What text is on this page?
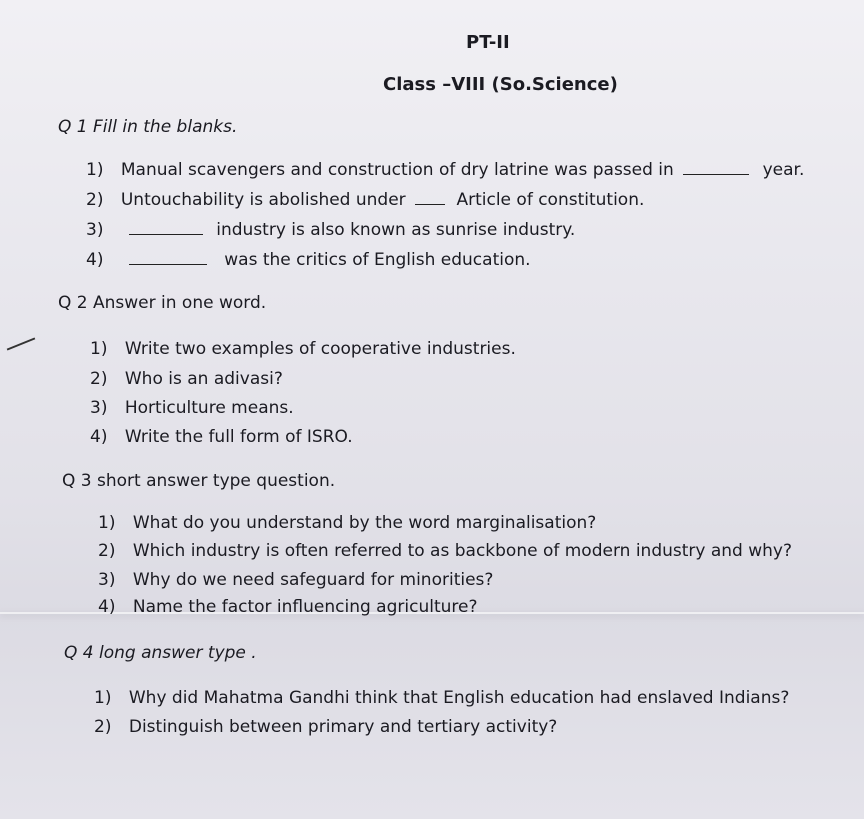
PT-II
Class –VIII (So.Science)
Q 1 Fill in the blanks.
1) Manual scavengers and construction of dry latrine was passed in	year.
2) Untouchability is abolished under	Article of constitution.
3)	industry is also known as sunrise industry.
4)	was the critics of English education.
Q 2 Answer in one word.
1) Write two examples of cooperative industries.
2) Who is an adivasi?
3) Horticulture means.
4) Write the full form of ISRO.
Q 3 short answer type question.
1) What do you understand by the word marginalisation?
2) Which industry is often referred to as backbone of modern industry and why?
3) Why do we need safeguard for minorities?
4) Name the factor influencing agriculture?
Q 4 long answer type .
1) Why did Mahatma Gandhi think that English education had enslaved Indians?
2) Distinguish between primary and tertiary activity?
